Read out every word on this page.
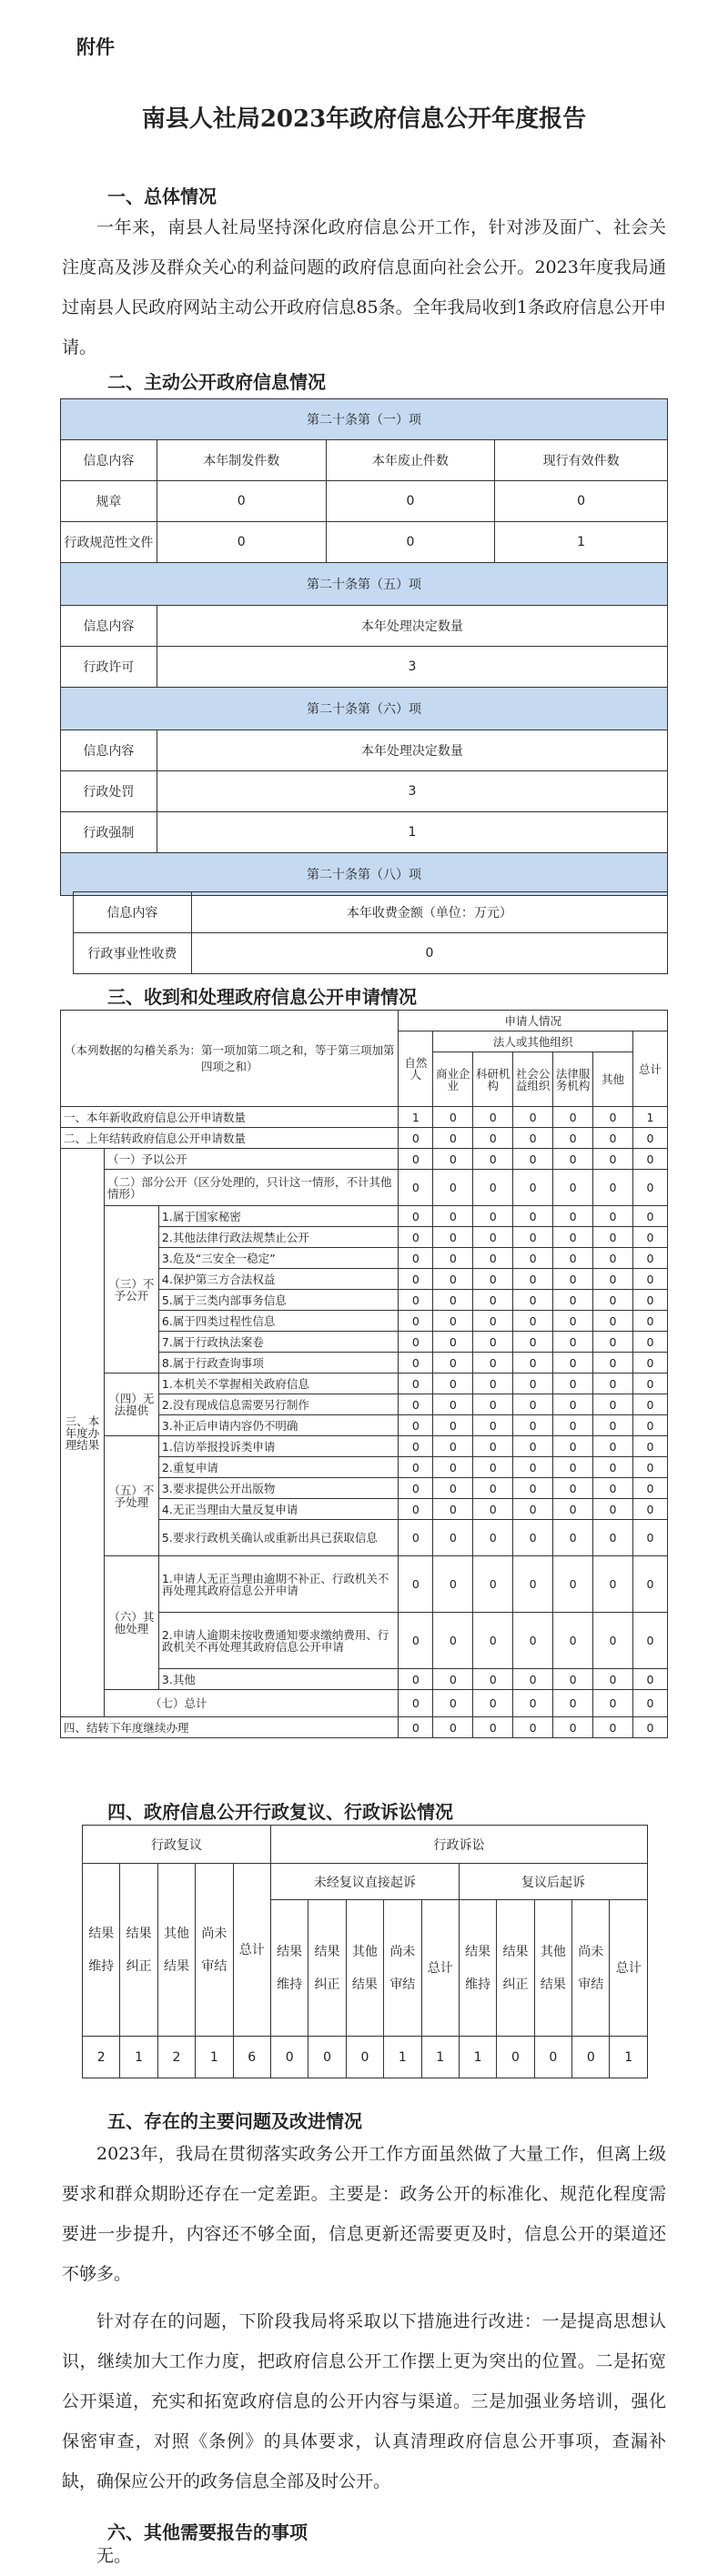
附件
南县人社局2023年政府信息公开年度报告
一、总体情况

一年来，南县人社局坚持深化政府信息公开工作，针对涉及面广、社会关注度高及涉及群众关心的利益问题的政府信息面向社会公开。2023年度我局通过南县人民政府网站主动公开政府信息85条。全年我局收到1条政府信息公开申请。

二、主动公开政府信息情况
第二十条第（一）项			
信息内容	本年制发件数	本年废止件数	现行有效件数
规章	0	0	0
行政规范性文件	0	0	1
第二十条第（五）项			
信息内容	本年处理决定数量		
行政许可	3		
第二十条第（六）项			
信息内容	本年处理决定数量		
行政处罚	3		
行政强制	1		
第二十条第（八）项			
信息内容	本年收费金额（单位：万元）
行政事业性收费	0
三、收到和处理政府信息公开申请情况
（本列数据的勾稽关系为：第一项加第二项之和，等于第三项加第四项之和）			申请人情况						
			自然人	法人或其他组织					总计
				商业企业	科研机构	社会公益组织	法律服务机构	其他	
一、本年新收政府信息公开申请数量			1	0	0	0	0	0	1
二、上年结转政府信息公开申请数量			0	0	0	0	0	0	0
三、本年度办理结果	（一）予以公开		0	0	0	0	0	0	0
	（二）部分公开（区分处理的，只计这一情形，不计其他情形）		0	0	0	0	0	0	0
	（三）不予公开	1.属于国家秘密	0	0	0	0	0	0	0
		2.其他法律行政法规禁止公开	0	0	0	0	0	0	0
		3.危及“三安全一稳定”	0	0	0	0	0	0	0
		4.保护第三方合法权益	0	0	0	0	0	0	0
		5.属于三类内部事务信息	0	0	0	0	0	0	0
		6.属于四类过程性信息	0	0	0	0	0	0	0
		7.属于行政执法案卷	0	0	0	0	0	0	0
		8.属于行政查询事项	0	0	0	0	0	0	0
	（四）无法提供	1.本机关不掌握相关政府信息	0	0	0	0	0	0	0
		2.没有现成信息需要另行制作	0	0	0	0	0	0	0
		3.补正后申请内容仍不明确	0	0	0	0	0	0	0
	（五）不予处理	1.信访举报投诉类申请	0	0	0	0	0	0	0
		2.重复申请	0	0	0	0	0	0	0
		3.要求提供公开出版物	0	0	0	0	0	0	0
		4.无正当理由大量反复申请	0	0	0	0	0	0	0
		5.要求行政机关确认或重新出具已获取信息	0	0	0	0	0	0	0
	（六）其他处理	1.申请人无正当理由逾期不补正、行政机关不再处理其政府信息公开申请	0	0	0	0	0	0	0
		2.申请人逾期未按收费通知要求缴纳费用、行政机关不再处理其政府信息公开申请	0	0	0	0	0	0	0
		3.其他	0	0	0	0	0	0	0
	（七）总计		0	0	0	0	0	0	0
四、结转下年度继续办理			0	0	0	0	0	0	0
四、政府信息公开行政复议、行政诉讼情况
行政复议					行政诉讼									
结果维持	结果纠正	其他结果	尚未审结	总计	未经复议直接起诉					复议后起诉				
					结果维持	结果纠正	其他结果	尚未审结	总计	结果维持	结果纠正	其他结果	尚未审结	总计
2	1	2	1	6	0	0	0	1	1	1	0	0	0	1
五、存在的主要问题及改进情况

2023年，我局在贯彻落实政务公开工作方面虽然做了大量工作，但离上级要求和群众期盼还存在一定差距。主要是：政务公开的标准化、规范化程度需要进一步提升，内容还不够全面，信息更新还需要更及时，信息公开的渠道还不够多。

针对存在的问题，下阶段我局将采取以下措施进行改进：一是提高思想认识，继续加大工作力度，把政府信息公开工作摆上更为突出的位置。二是拓宽公开渠道，充实和拓宽政府信息的公开内容与渠道。三是加强业务培训，强化保密审查，对照《条例》的具体要求，认真清理政府信息公开事项，查漏补缺，确保应公开的政务信息全部及时公开。

六、其他需要报告的事项
无。
